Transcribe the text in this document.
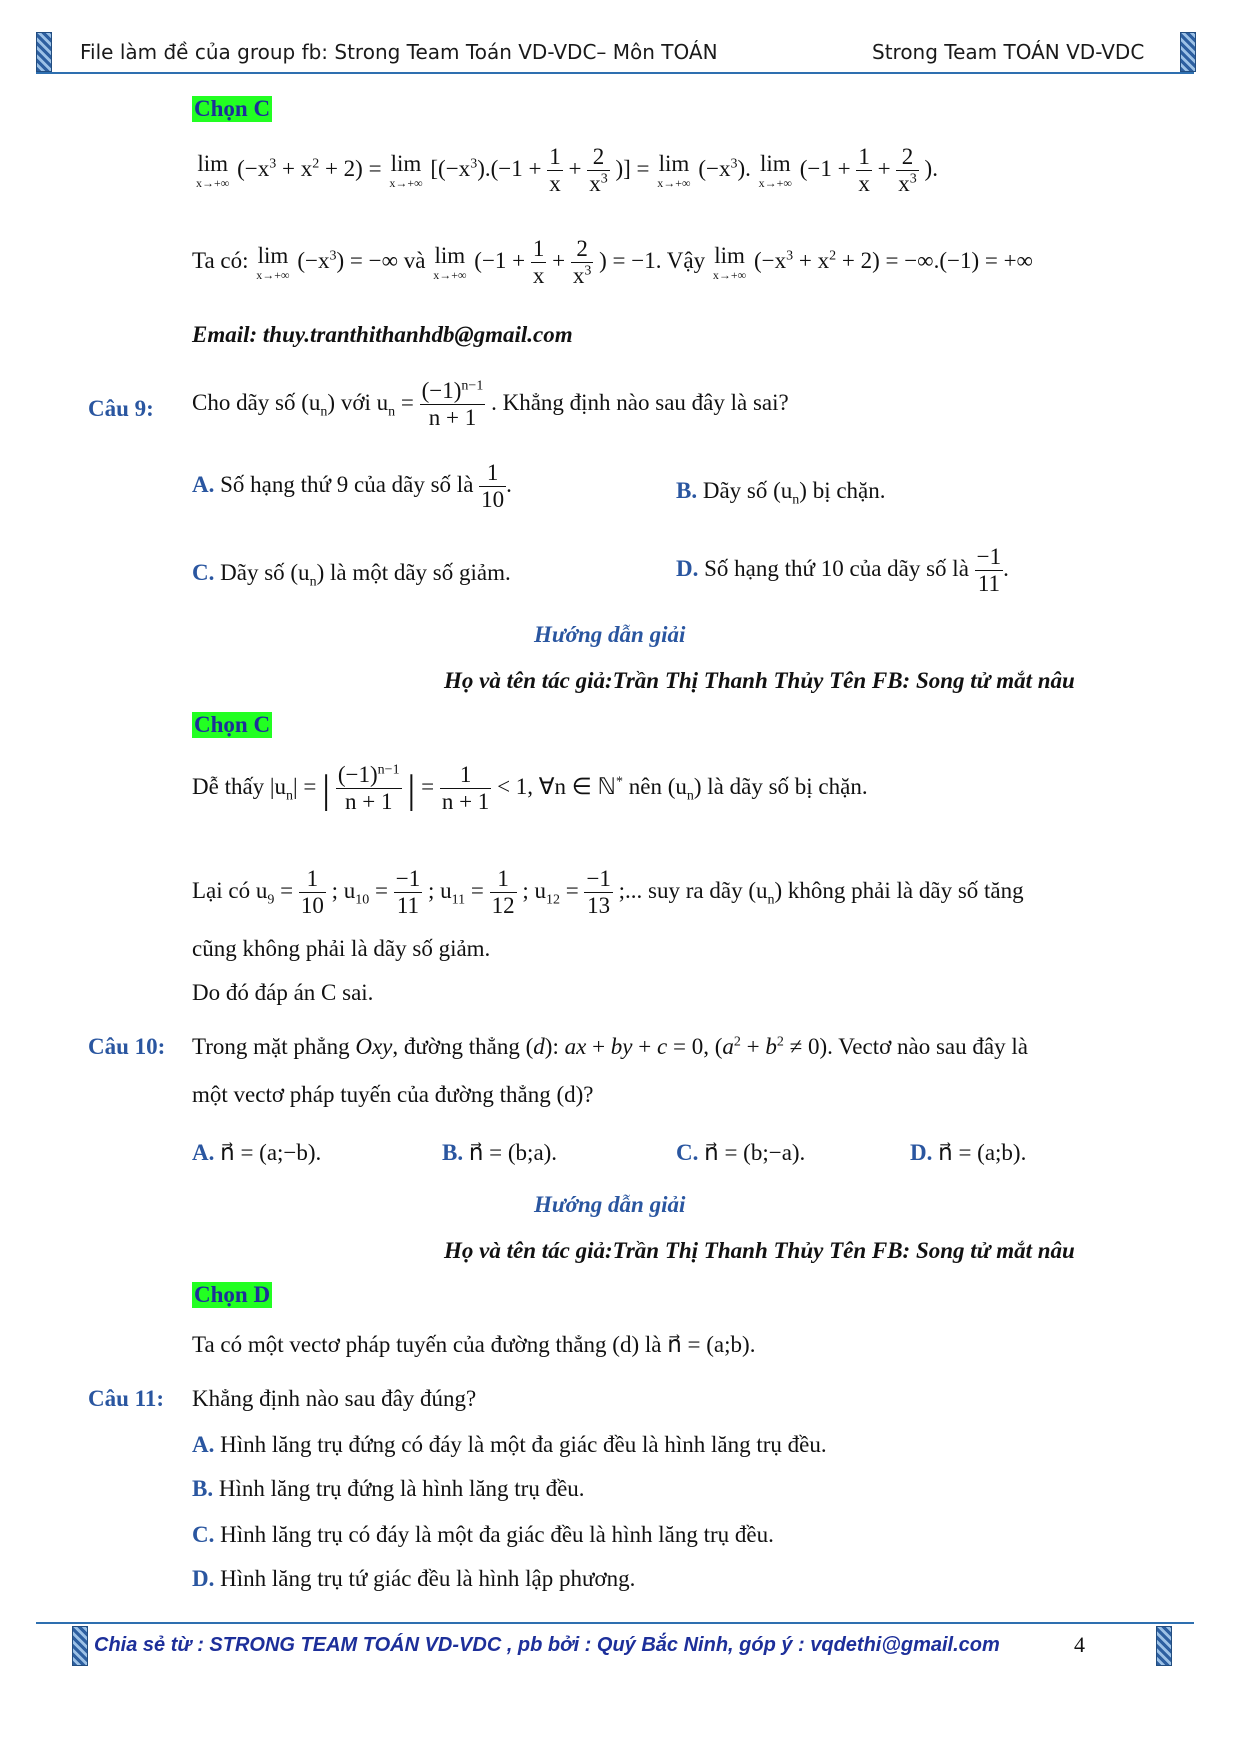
File làm đề của group fb: Strong Team Toán VD-VDC– Môn TOÁN	Strong Team TOÁN VD-VDC
Chọn C
lim
x→+∞
$(-x^3 + x^2 + 2) = \lim$
x→+∞
[$(-x^3).(-1 + \frac{1}{x} + \frac{2}{x^3}$ )] = lim
x→+∞
$(-x^3)$. lim
x→+∞
($-1 + \frac{1}{x} + \frac{2}{x^3}$ ).
Ta có: lim
x→+∞
$(-x^3)$ = −∞ và lim
x→+∞
($-1 + \frac{1}{x} + \frac{2}{x^3}$ ) = −1. Vậy lim
x→+∞
$(-x^3 + x^2 + 2) = -\infty.(-1)$ = +∞
Email: thuy.tranthithanhdb@gmail.com
Câu 9: Cho dãy số $(u_n)$ với $u_n = \frac{(-1)^{n-1}}{n + 1}$ . Khẳng định nào sau đây là sai?
A. Số hạng thứ 9 của dãy số là $\frac{1}{10}$ .	B. Dãy số $(u_n)$ bị chặn.
C. Dãy số $(u_n)$ là một dãy số giảm.	D. Số hạng thứ 10 của dãy số là $\frac{-1}{11}$ .
Hướng dẫn giải
Họ và tên tác giả:Trần Thị Thanh Thủy Tên FB: Song tử mắt nâu
Chọn C
Dễ thấy $|u_n|$ = | $\frac{(-1)^{n-1}}{n + 1}$ | = $\frac{1}{n + 1} < 1$, ∀n ∈ ℕ* nên $(u_n)$ là dãy số bị chặn.
Lại có $u_9 = \frac{1}{10}$ ; $u_{10} = \frac{-1}{11}$ ; $u_{11} = \frac{1}{12}$ ; $u_{12} = \frac{-1}{13}$ ;... suy ra dãy $(u_n)$ không phải là dãy số tăng
cũng không phải là dãy số giảm.
Do đó đáp án C sai.
Câu 10: Trong mặt phẳng Oxy, đường thẳng (d): ax + by + c = 0, $(a^2 + b^2 \ne 0)$. Vectơ nào sau đây là
một vectơ pháp tuyến của đường thẳng (d)?
A. n⃗ = (a;−b).	B. n⃗ = (b;a).	C. n⃗ = (b;−a).	D. n⃗ = (a;b).
Hướng dẫn giải
Họ và tên tác giả:Trần Thị Thanh Thủy Tên FB: Song tử mắt nâu
Chọn D
Ta có một vectơ pháp tuyến của đường thẳng (d) là n⃗ = (a;b).
Câu 11: Khẳng định nào sau đây đúng?
A. Hình lăng trụ đứng có đáy là một đa giác đều là hình lăng trụ đều.
B. Hình lăng trụ đứng là hình lăng trụ đều.
C. Hình lăng trụ có đáy là một đa giác đều là hình lăng trụ đều.
D. Hình lăng trụ tứ giác đều là hình lập phương.
Chia sẻ từ : STRONG TEAM TOÁN VD-VDC , pb bởi : Quý Bắc Ninh, góp ý : vqdethi@gmail.com	4
